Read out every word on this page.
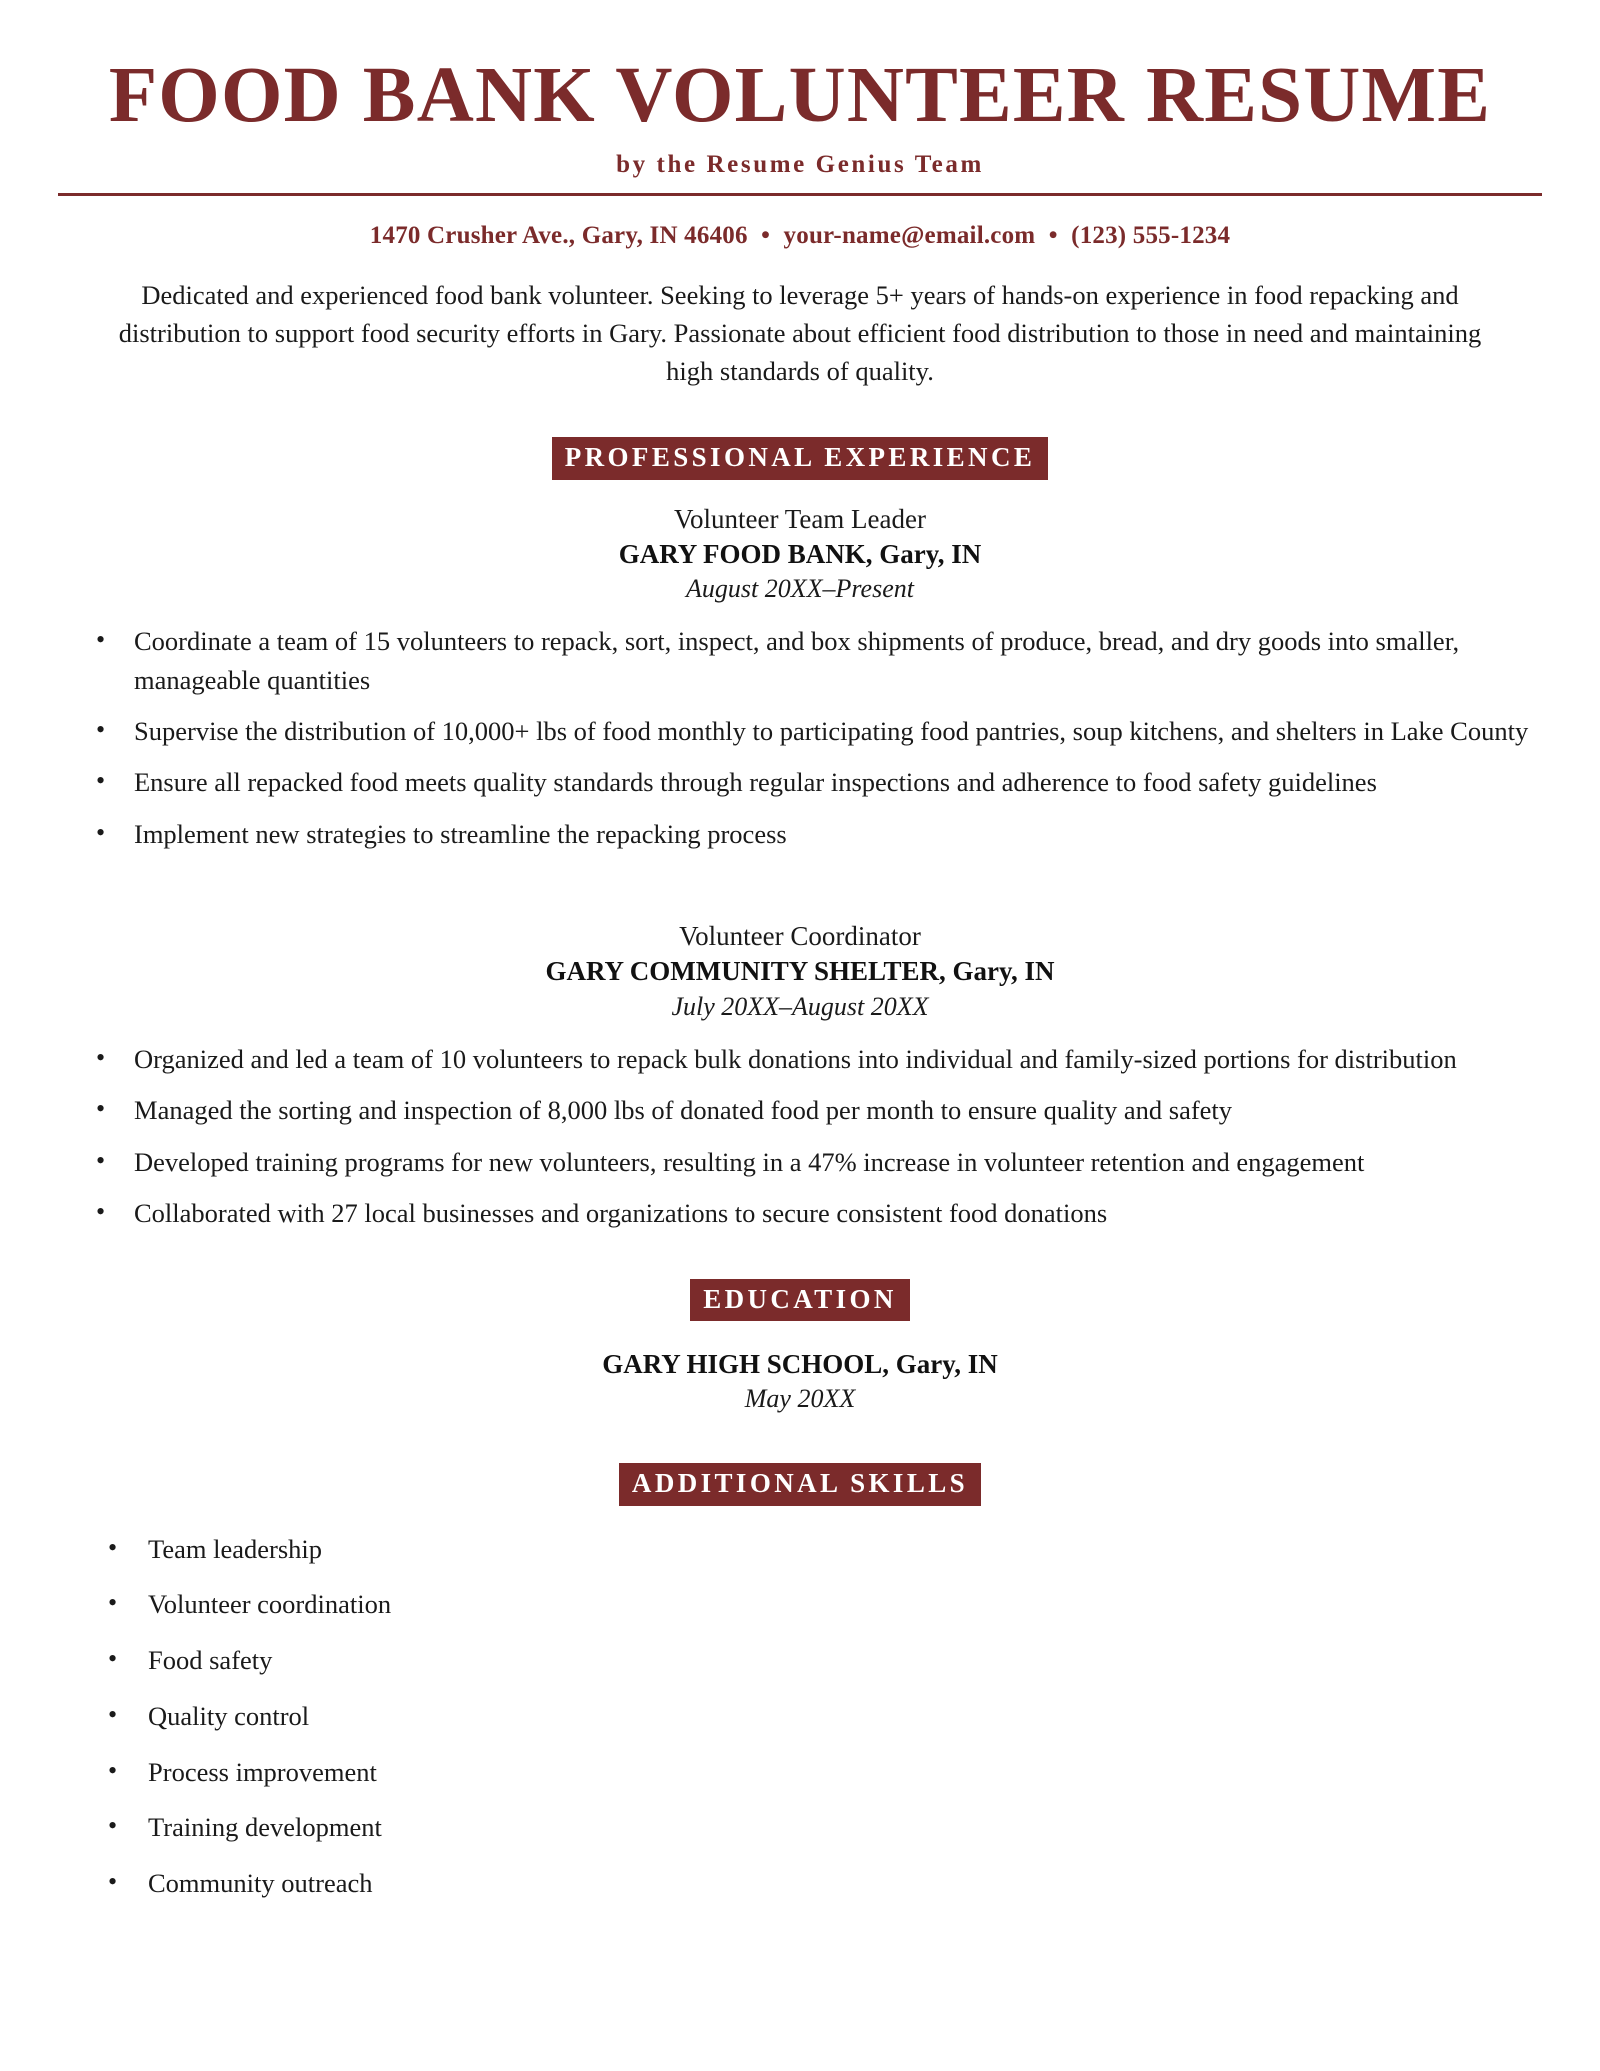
FOOD BANK VOLUNTEER RESUME
by the Resume Genius Team
1470 Crusher Ave., Gary, IN 46406 • your-name@email.com • (123) 555-1234

Dedicated and experienced food bank volunteer. Seeking to leverage 5+ years of hands-on experience in food repacking and distribution to support food security efforts in Gary. Passionate about efficient food distribution to those in need and maintaining high standards of quality.

PROFESSIONAL EXPERIENCE
Volunteer Team Leader
GARY FOOD BANK, Gary, IN
August 20XX–Present
• Coordinate a team of 15 volunteers to repack, sort, inspect, and box shipments of produce, bread, and dry goods into smaller, manageable quantities
• Supervise the distribution of 10,000+ lbs of food monthly to participating food pantries, soup kitchens, and shelters in Lake County
• Ensure all repacked food meets quality standards through regular inspections and adherence to food safety guidelines
• Implement new strategies to streamline the repacking process
Volunteer Coordinator
GARY COMMUNITY SHELTER, Gary, IN
July 20XX–August 20XX
• Organized and led a team of 10 volunteers to repack bulk donations into individual and family-sized portions for distribution
• Managed the sorting and inspection of 8,000 lbs of donated food per month to ensure quality and safety
• Developed training programs for new volunteers, resulting in a 47% increase in volunteer retention and engagement
• Collaborated with 27 local businesses and organizations to secure consistent food donations
EDUCATION
GARY HIGH SCHOOL, Gary, IN
May 20XX
ADDITIONAL SKILLS
• Team leadership
• Volunteer coordination
• Food safety
• Quality control
• Process improvement
• Training development
• Community outreach
